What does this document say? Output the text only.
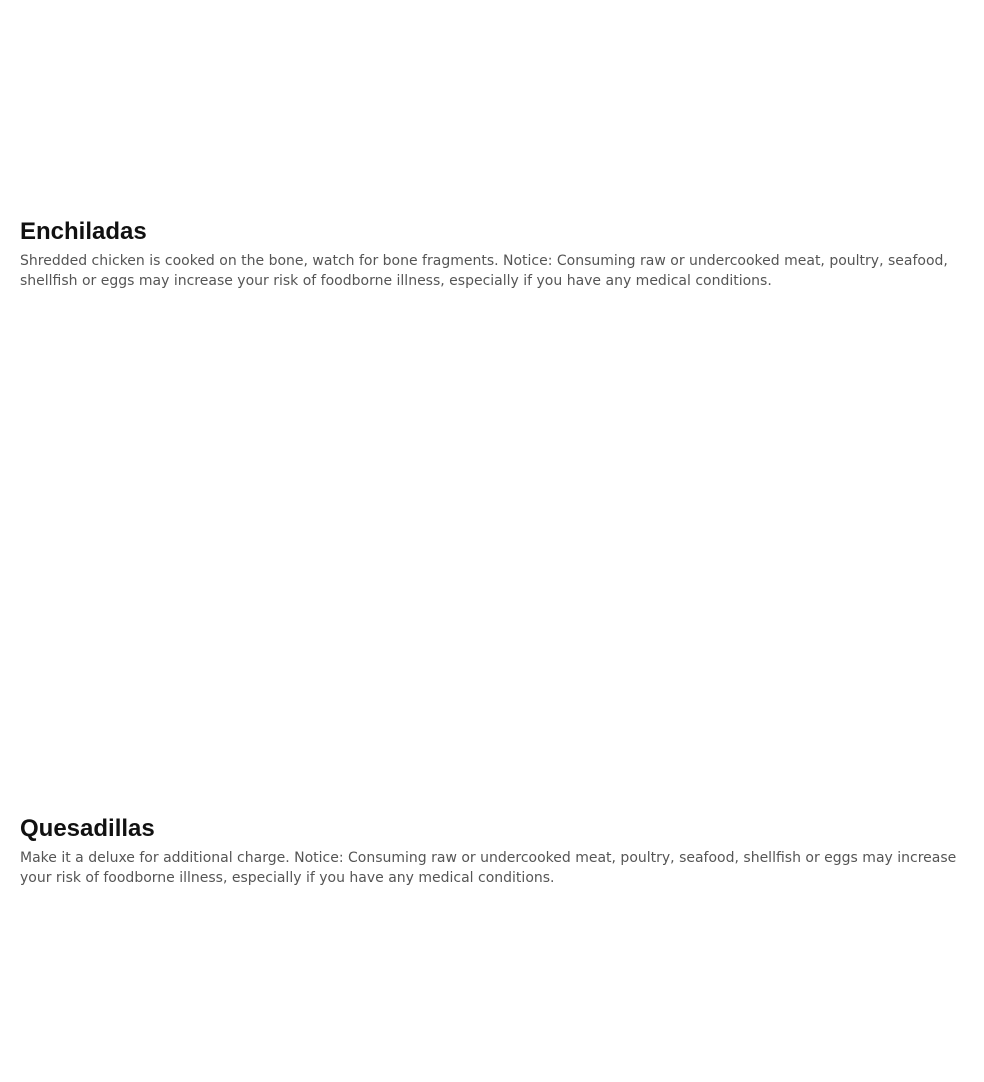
Enchiladas

Shredded chicken is cooked on the bone, watch for bone fragments. Notice: Consuming raw or undercooked meat, poultry, seafood, shellfish or eggs may increase your risk of foodborne illness, especially if you have any medical conditions.

Quesadillas

Make it a deluxe for additional charge. Notice: Consuming raw or undercooked meat, poultry, seafood, shellfish or eggs may increase your risk of foodborne illness, especially if you have any medical conditions.
